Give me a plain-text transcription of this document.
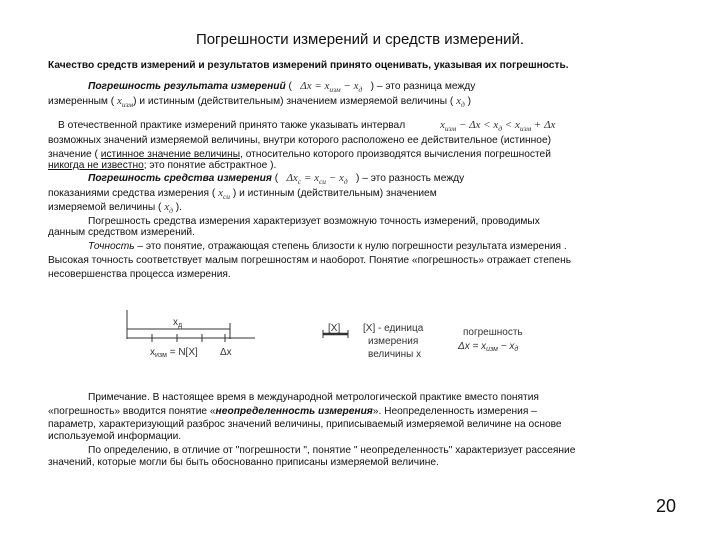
Погрешности измерений и средств измерений.
Качество средств измерений и результатов измерений принято оценивать, указывая их погрешность.
Погрешность результата измерений (   $\Delta x = x_{изм} - x_д$   ) – это разница между
измеренным ( $x_{изм}$) и истинным (действительным) значением измеряемой величины ( $x_д$ )
В отечественной практике измерений принято также указывать интервал	$x_{изм} - \Delta x < x_д < x_{изм} + \Delta x$
возможных значений измеряемой величины, внутри которого расположено ее действительное (истинное)
значение ( истинное значение величины, относительно которого производятся вычисления погрешностей
никогда не известно; это понятие абстрактное ).
Погрешность средства измерения (   $\Delta x_c = x_{си} - x_д$   ) – это разность между
показаниями средства измерения ( $x_{си}$ ) и истинным (действительным) значением
измеряемой величины ( $x_д$ ).
Погрешность средства измерения характеризует возможную точность измерений, проводимых
данным средством измерений.
Точность – это понятие, отражающая степень близости к нулю погрешности результата измерения .
Высокая точность соответствует малым погрешностям и наоборот. Понятие «погрешность» отражает степень
несовершенства процесса измерения.
$x_д$
$x_{изм} = N[X]$ Δx
[X] [X] - единица
измерения
величины x
погрешность
$\Delta x = x_{изм} - x_д$
Примечание. В настоящее время в международной метрологической практике вместо понятия
«погрешность» вводится понятие «неопределенность измерения». Неопределенность измерения –
параметр, характеризующий разброс значений величины, приписываемый измеряемой величине на основе
используемой информации.
По определению, в отличие от "погрешности ", понятие " неопределенность" характеризует рассеяние
значений, которые могли бы быть обоснованно приписаны измеряемой величине.
20
